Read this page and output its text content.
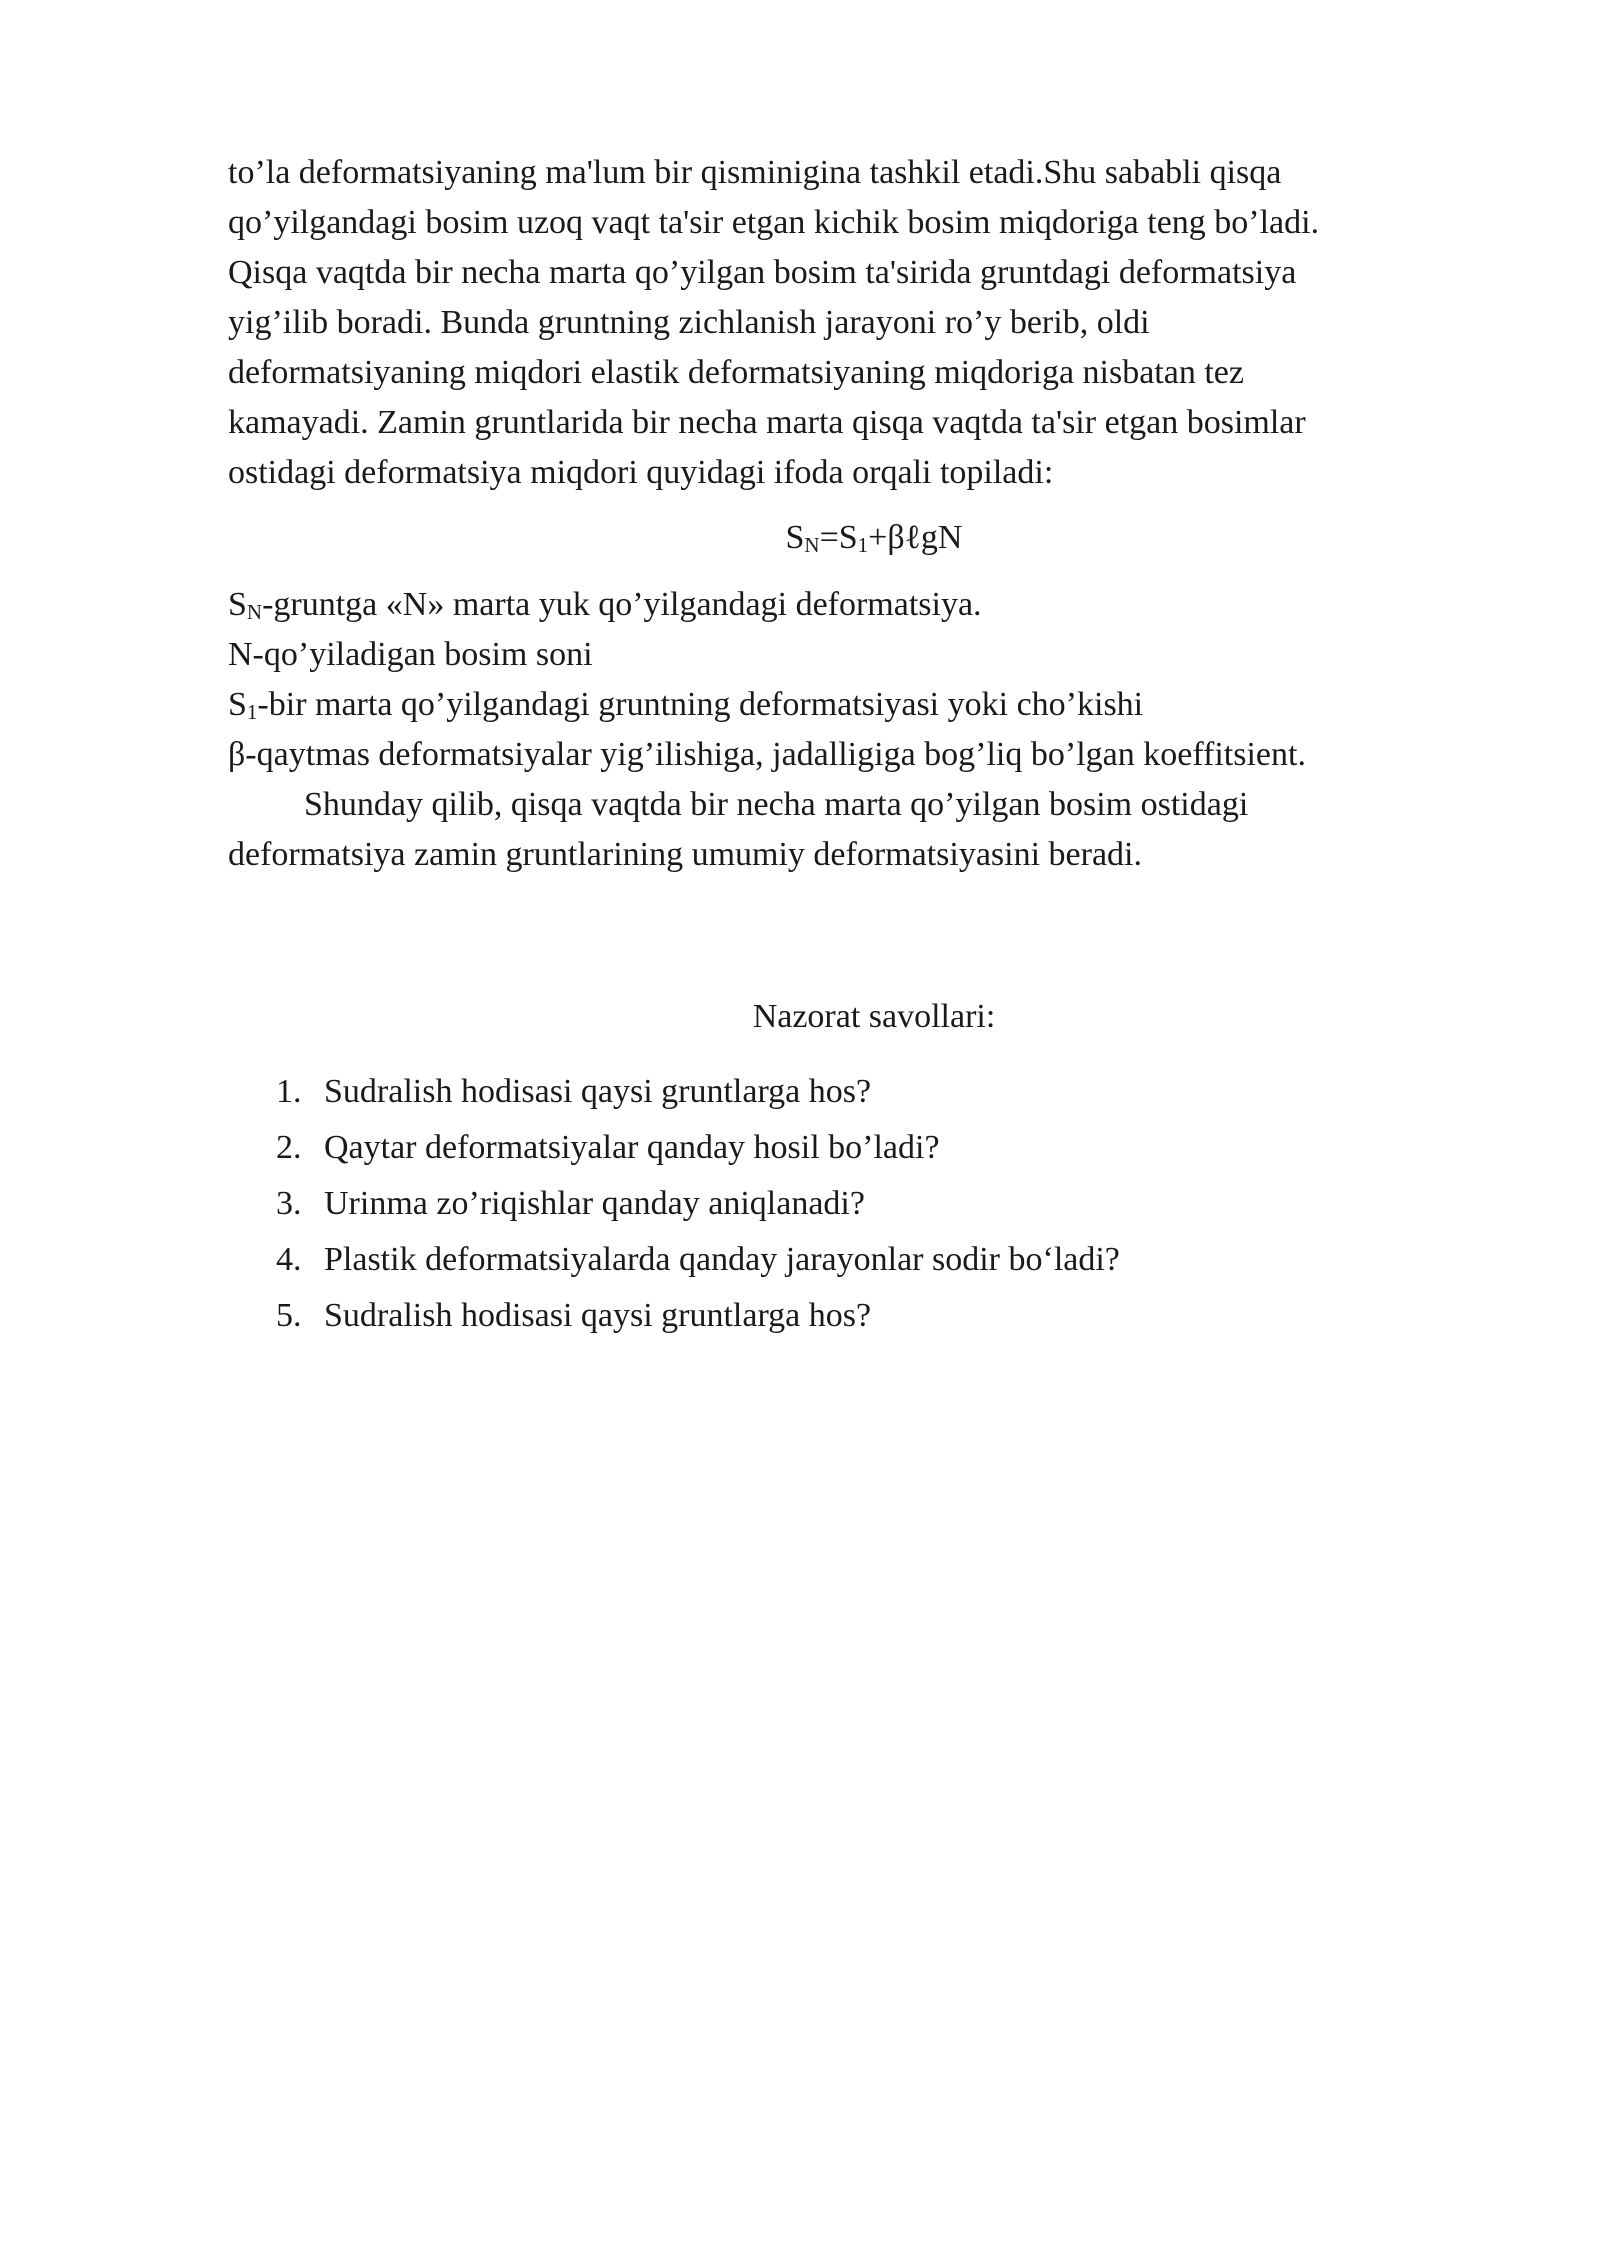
to’la deformatsiyaning ma'lum bir qisminigina tashkil etadi.Shu sababli qisqa
qo’yilgandagi bosim uzoq vaqt ta'sir etgan kichik bosim miqdoriga teng bo’ladi.
Qisqa vaqtda bir necha marta qo’yilgan bosim ta'sirida gruntdagi deformatsiya
yig’ilib boradi. Bunda gruntning zichlanish jarayoni ro’y berib, oldi
deformatsiyaning miqdori elastik deformatsiyaning miqdoriga nisbatan tez
kamayadi. Zamin gruntlarida bir necha marta qisqa vaqtda ta'sir etgan bosimlar
ostidagi deformatsiya miqdori quyidagi ifoda orqali topiladi:
SN=S1+βℓgN
SN-gruntga «N» marta yuk qo’yilgandagi deformatsiya.
N-qo’yiladigan bosim soni
S1-bir marta qo’yilgandagi gruntning deformatsiyasi yoki cho’kishi
β-qaytmas deformatsiyalar yig’ilishiga, jadalligiga bog’liq bo’lgan koeffitsient.
Shunday qilib, qisqa vaqtda bir necha marta qo’yilgan bosim ostidagi
deformatsiya zamin gruntlarining umumiy deformatsiyasini beradi.
Nazorat savollari:
1. Sudralish hodisasi qaysi gruntlarga hos?
2. Qaytar deformatsiyalar qanday hosil bo’ladi?
3. Urinma zo’riqishlar qanday aniqlanadi?
4. Plastik deformatsiyalarda qanday jarayonlar sodir bo‘ladi?
5. Sudralish hodisasi qaysi gruntlarga hos?
